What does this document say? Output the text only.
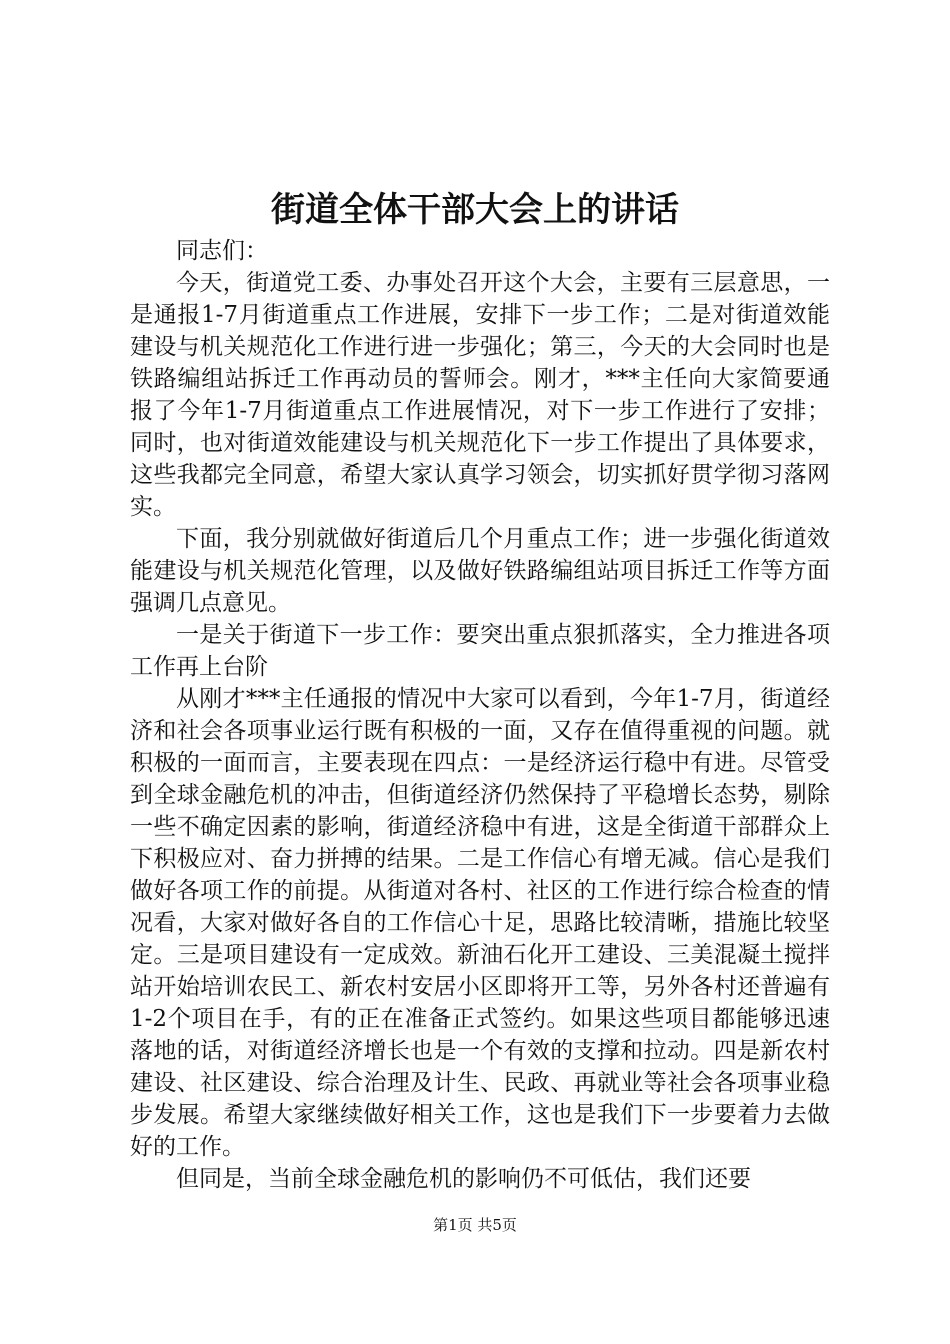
街道全体干部大会上的讲话

同志们：

今天，街道党工委、办事处召开这个大会，主要有三层意思，一是通报1-7月街道重点工作进展，安排下一步工作；二是对街道效能建设与机关规范化工作进行进一步强化；第三，今天的大会同时也是铁路编组站拆迁工作再动员的誓师会。刚才，***主任向大家简要通报了今年1-7月街道重点工作进展情况，对下一步工作进行了安排；同时，也对街道效能建设与机关规范化下一步工作提出了具体要求，这些我都完全同意，希望大家认真学习领会，切实抓好贯学彻习落网实。

下面，我分别就做好街道后几个月重点工作；进一步强化街道效能建设与机关规范化管理，以及做好铁路编组站项目拆迁工作等方面强调几点意见。

一是关于街道下一步工作：要突出重点狠抓落实，全力推进各项工作再上台阶

从刚才***主任通报的情况中大家可以看到，今年1-7月，街道经济和社会各项事业运行既有积极的一面，又存在值得重视的问题。就积极的一面而言，主要表现在四点：一是经济运行稳中有进。尽管受到全球金融危机的冲击，但街道经济仍然保持了平稳增长态势，剔除一些不确定因素的影响，街道经济稳中有进，这是全街道干部群众上下积极应对、奋力拼搏的结果。二是工作信心有增无减。信心是我们做好各项工作的前提。从街道对各村、社区的工作进行综合检查的情况看，大家对做好各自的工作信心十足，思路比较清晰，措施比较坚定。三是项目建设有一定成效。新油石化开工建设、三美混凝土搅拌站开始培训农民工、新农村安居小区即将开工等，另外各村还普遍有1-2个项目在手，有的正在准备正式签约。如果这些项目都能够迅速落地的话，对街道经济增长也是一个有效的支撑和拉动。四是新农村建设、社区建设、综合治理及计生、民政、再就业等社会各项事业稳步发展。希望大家继续做好相关工作，这也是我们下一步要着力去做好的工作。

但同是，当前全球金融危机的影响仍不可低估，我们还要

第1页 共5页
